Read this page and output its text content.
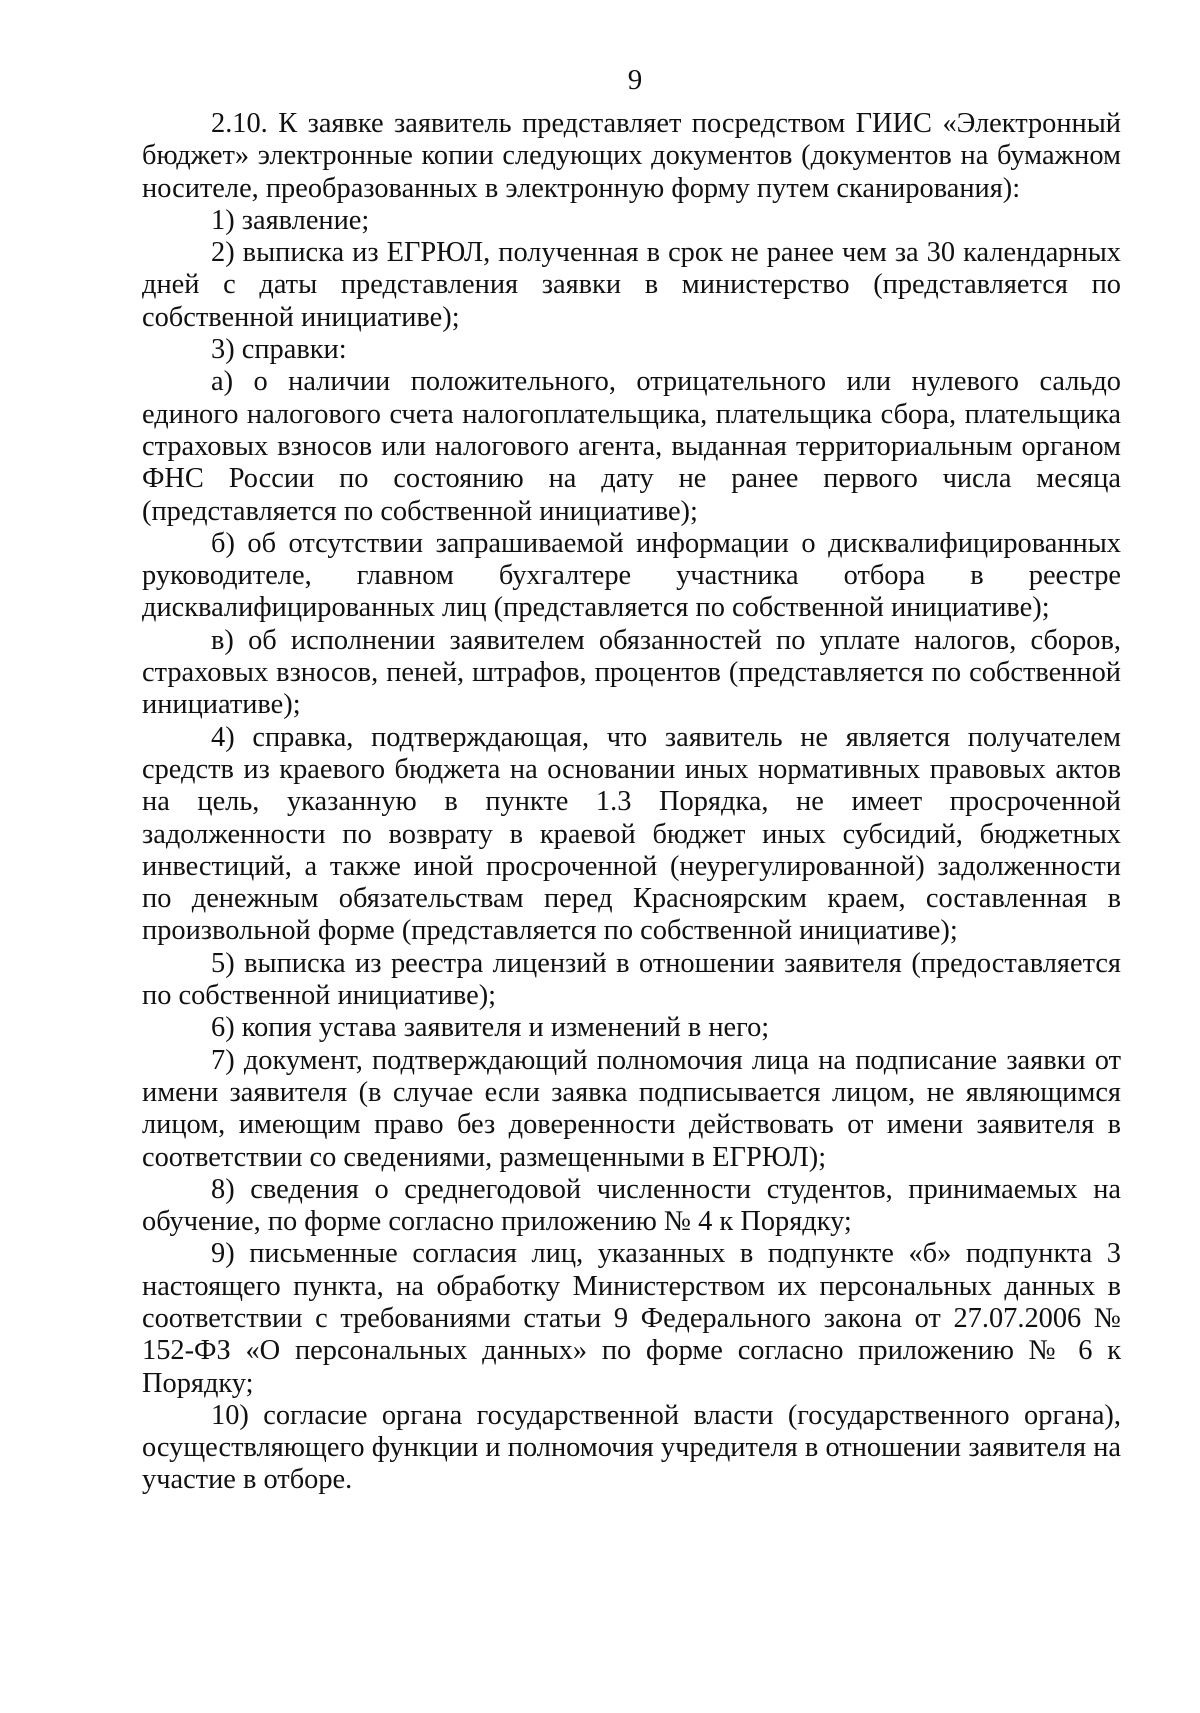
9

2.10. К заявке заявитель представляет посредством ГИИС «Электронный бюджет» электронные копии следующих документов (документов на бумажном носителе, преобразованных в электронную форму путем сканирования):

1) заявление;

2) выписка из ЕГРЮЛ, полученная в срок не ранее чем за 30 календарных дней с даты представления заявки в министерство (представляется по собственной инициативе);

3) справки:

а) о наличии положительного, отрицательного или нулевого сальдо единого налогового счета налогоплательщика, плательщика сбора, плательщика страховых взносов или налогового агента, выданная территориальным органом ФНС России по состоянию на дату не ранее первого числа месяца (представляется по собственной инициативе);

б) об отсутствии запрашиваемой информации о дисквалифицированных руководителе, главном бухгалтере участника отбора в реестре дисквалифицированных лиц (представляется по собственной инициативе);

в) об исполнении заявителем обязанностей по уплате налогов, сборов, страховых взносов, пеней, штрафов, процентов (представляется по собственной инициативе);

4) справка, подтверждающая, что заявитель не является получателем средств из краевого бюджета на основании иных нормативных правовых актов на цель, указанную в пункте 1.3 Порядка, не имеет просроченной задолженности по возврату в краевой бюджет иных субсидий, бюджетных инвестиций, а также иной просроченной (неурегулированной) задолженности по денежным обязательствам перед Красноярским краем, составленная в произвольной форме (представляется по собственной инициативе);

5) выписка из реестра лицензий в отношении заявителя (предоставляется по собственной инициативе);

6) копия устава заявителя и изменений в него;

7) документ, подтверждающий полномочия лица на подписание заявки от имени заявителя (в случае если заявка подписывается лицом, не являющимся лицом, имеющим право без доверенности действовать от имени заявителя в соответствии со сведениями, размещенными в ЕГРЮЛ);

8) сведения о среднегодовой численности студентов, принимаемых на обучение, по форме согласно приложению № 4 к Порядку;

9) письменные согласия лиц, указанных в подпункте «б» подпункта 3 настоящего пункта, на обработку Министерством их персональных данных в соответствии с требованиями статьи 9 Федерального закона от 27.07.2006 № 152-ФЗ «О персональных данных» по форме согласно приложению № 6 к Порядку;

10) согласие органа государственной власти (государственного органа), осуществляющего функции и полномочия учредителя в отношении заявителя на участие в отборе.
